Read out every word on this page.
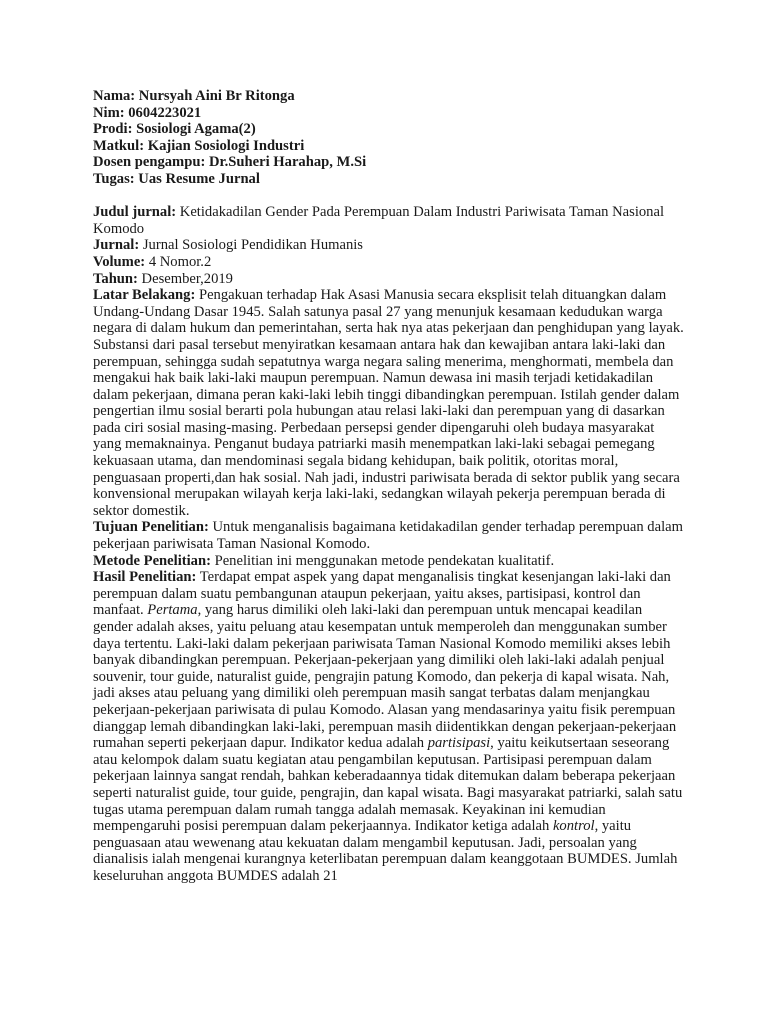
Nama: Nursyah Aini Br Ritonga

Nim: 0604223021

Prodi: Sosiologi Agama(2)

Matkul: Kajian Sosiologi Industri

Dosen pengampu: Dr.Suheri Harahap, M.Si

Tugas: Uas Resume Jurnal

Judul jurnal: Ketidakadilan Gender Pada Perempuan Dalam Industri Pariwisata Taman Nasional Komodo

Jurnal: Jurnal Sosiologi Pendidikan Humanis

Volume: 4 Nomor.2

Tahun: Desember,2019

Latar Belakang: Pengakuan terhadap Hak Asasi Manusia secara eksplisit telah dituangkan dalam Undang-Undang Dasar 1945. Salah satunya pasal 27 yang menunjuk kesamaan kedudukan warga negara di dalam hukum dan pemerintahan, serta hak nya atas pekerjaan dan penghidupan yang layak. Substansi dari pasal tersebut menyiratkan kesamaan antara hak dan kewajiban antara laki-laki dan perempuan, sehingga sudah sepatutnya warga negara saling menerima, menghormati, membela dan mengakui hak baik laki-laki maupun perempuan. Namun dewasa ini masih terjadi ketidakadilan dalam pekerjaan, dimana peran kaki-laki lebih tinggi dibandingkan perempuan. Istilah gender dalam pengertian ilmu sosial berarti pola hubungan atau relasi laki-laki dan perempuan yang di dasarkan pada ciri sosial masing-masing. Perbedaan persepsi gender dipengaruhi oleh budaya masyarakat yang memaknainya. Penganut budaya patriarki masih menempatkan laki-laki sebagai pemegang kekuasaan utama, dan mendominasi segala bidang kehidupan, baik politik, otoritas moral, penguasaan properti,dan hak sosial. Nah jadi, industri pariwisata berada di sektor publik yang secara konvensional merupakan wilayah kerja laki-laki, sedangkan wilayah pekerja perempuan berada di sektor domestik.

Tujuan Penelitian: Untuk menganalisis bagaimana ketidakadilan gender terhadap perempuan dalam pekerjaan pariwisata Taman Nasional Komodo.

Metode Penelitian: Penelitian ini menggunakan metode pendekatan kualitatif.

Hasil Penelitian: Terdapat empat aspek yang dapat menganalisis tingkat kesenjangan laki-laki dan perempuan dalam suatu pembangunan ataupun pekerjaan, yaitu akses, partisipasi, kontrol dan manfaat. Pertama, yang harus dimiliki oleh laki-laki dan perempuan untuk mencapai keadilan gender adalah akses, yaitu peluang atau kesempatan untuk memperoleh dan menggunakan sumber daya tertentu. Laki-laki dalam pekerjaan pariwisata Taman Nasional Komodo memiliki akses lebih banyak dibandingkan perempuan. Pekerjaan-pekerjaan yang dimiliki oleh laki-laki adalah penjual souvenir, tour guide, naturalist guide, pengrajin patung Komodo, dan pekerja di kapal wisata. Nah, jadi akses atau peluang yang dimiliki oleh perempuan masih sangat terbatas dalam menjangkau pekerjaan-pekerjaan pariwisata di pulau Komodo. Alasan yang mendasarinya yaitu fisik perempuan dianggap lemah dibandingkan laki-laki, perempuan masih diidentikkan dengan pekerjaan-pekerjaan rumahan seperti pekerjaan dapur. Indikator kedua adalah partisipasi, yaitu keikutsertaan seseorang atau kelompok dalam suatu kegiatan atau pengambilan keputusan. Partisipasi perempuan dalam pekerjaan lainnya sangat rendah, bahkan keberadaannya tidak ditemukan dalam beberapa pekerjaan seperti naturalist guide, tour guide, pengrajin, dan kapal wisata. Bagi masyarakat patriarki, salah satu tugas utama perempuan dalam rumah tangga adalah memasak. Keyakinan ini kemudian mempengaruhi posisi perempuan dalam pekerjaannya. Indikator ketiga adalah kontrol, yaitu penguasaan atau wewenang atau kekuatan dalam mengambil keputusan. Jadi, persoalan yang dianalisis ialah mengenai kurangnya keterlibatan perempuan dalam keanggotaan BUMDES. Jumlah keseluruhan anggota BUMDES adalah 21
